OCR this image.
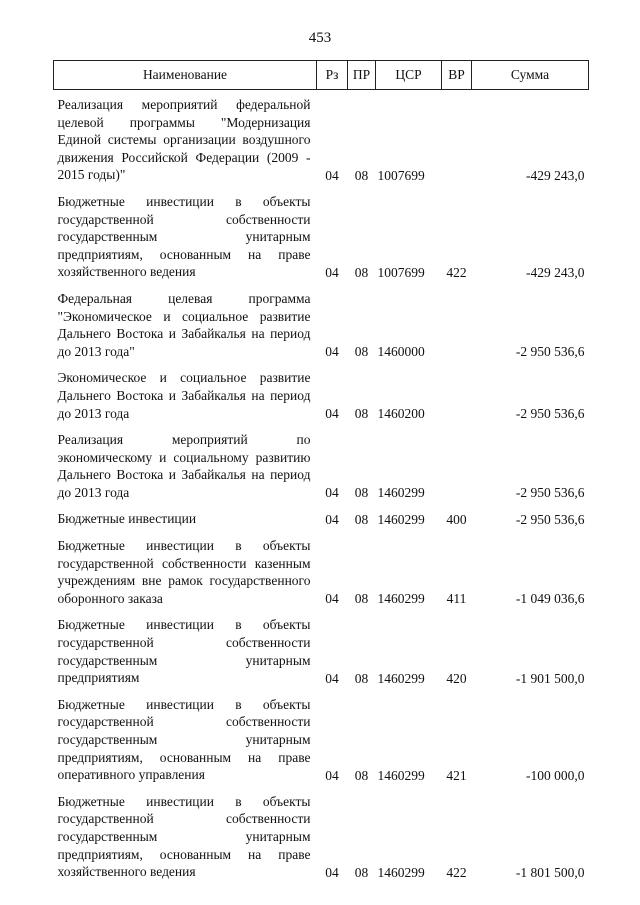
453
Наименование	Рз	ПР	ЦСР	ВР	Сумма
Реализация мероприятий федеральной целевой программы "Модернизация Единой системы организации воздушного движения Российской Федерации (2009 - 2015 годы)"	04	08	1007699		-429 243,0
Бюджетные инвестиции в объекты государственной собственности государственным унитарным предприятиям, основанным на праве хозяйственного ведения	04	08	1007699	422	-429 243,0
Федеральная целевая программа "Экономическое и социальное развитие Дальнего Востока и Забайкалья на период до 2013 года"	04	08	1460000		-2 950 536,6
Экономическое и социальное развитие Дальнего Востока и Забайкалья на период до 2013 года	04	08	1460200		-2 950 536,6
Реализация мероприятий по экономическому и социальному развитию Дальнего Востока и Забайкалья на период до 2013 года	04	08	1460299		-2 950 536,6
Бюджетные инвестиции	04	08	1460299	400	-2 950 536,6
Бюджетные инвестиции в объекты государственной собственности казенным учреждениям вне рамок государственного оборонного заказа	04	08	1460299	411	-1 049 036,6
Бюджетные инвестиции в объекты государственной собственности государственным унитарным предприятиям	04	08	1460299	420	-1 901 500,0
Бюджетные инвестиции в объекты государственной собственности государственным унитарным предприятиям, основанным на праве оперативного управления	04	08	1460299	421	-100 000,0
Бюджетные инвестиции в объекты государственной собственности государственным унитарным предприятиям, основанным на праве хозяйственного ведения	04	08	1460299	422	-1 801 500,0
